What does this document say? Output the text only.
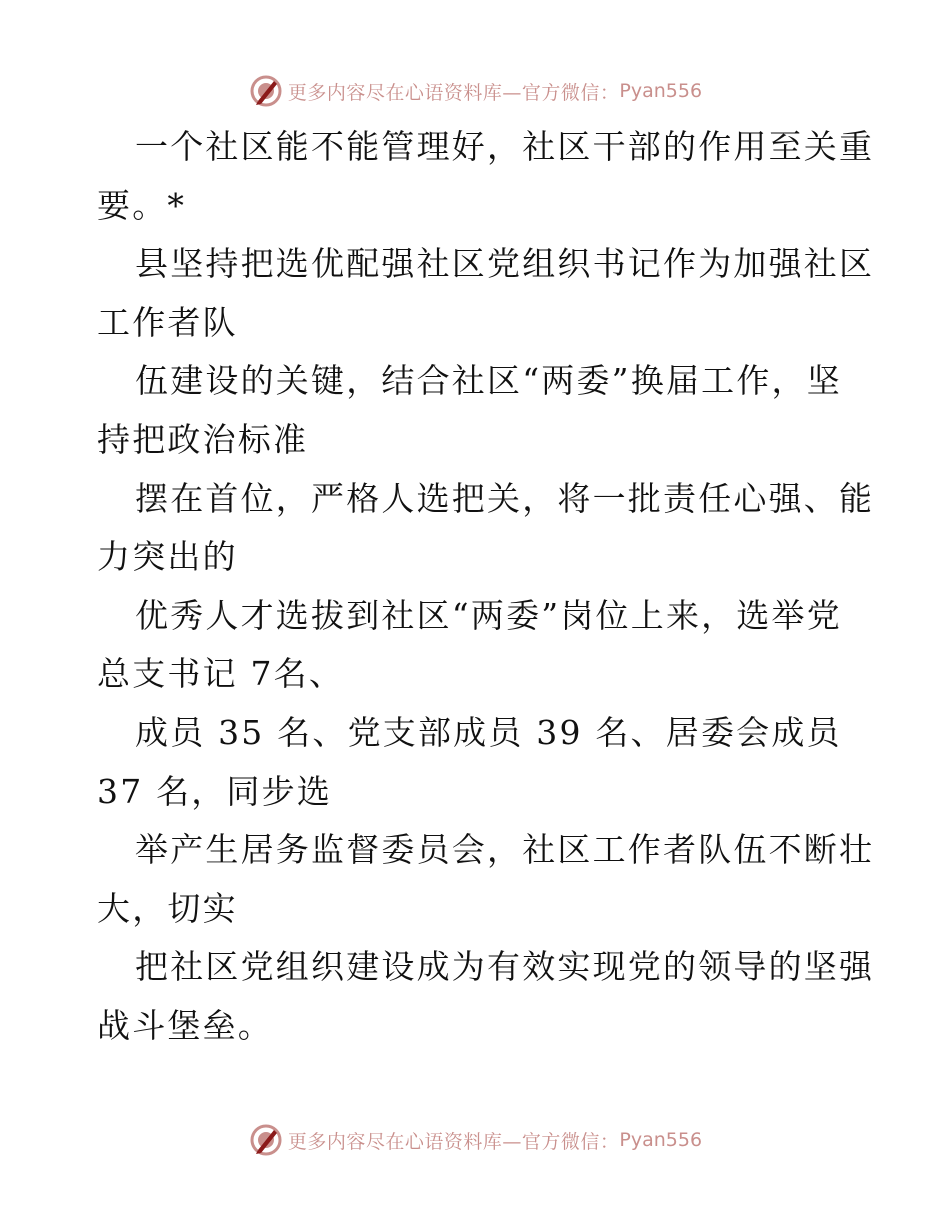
更多内容尽在心语资料库—官方微信： Pyan556
一个社区能不能管理好，社区干部的作用至关重
要。*
县坚持把选优配强社区党组织书记作为加强社区
工作者队
伍建设的关键，结合社区“两委”换届工作，坚
持把政治标准
摆在首位，严格人选把关，将一批责任心强、能
力突出的
优秀人才选拔到社区“两委”岗位上来，选举党
总支书记 7名、
成员 35 名、党支部成员 39 名、居委会成员
37 名，同步选
举产生居务监督委员会，社区工作者队伍不断壮
大，切实
把社区党组织建设成为有效实现党的领导的坚强
战斗堡垒。
更多内容尽在心语资料库—官方微信： Pyan556
